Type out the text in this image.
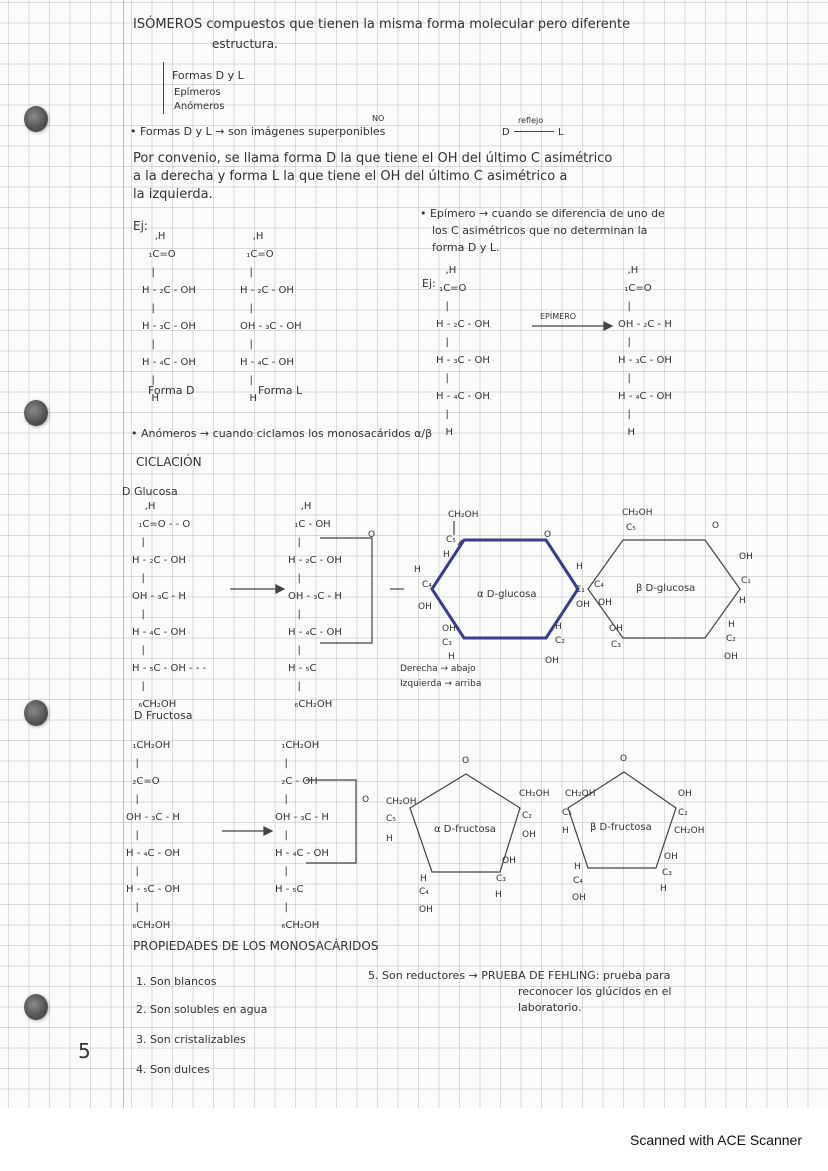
ISÓMEROS compuestos que tienen la misma forma molecular pero diferente
estructura.
Formas D y L
Epímeros
Anómeros
• Formas D y L → son imágenes superponibles
NO
D
reflejo
L
Por convenio, se llama forma D la que tiene el OH del último C asimétrico
a la derecha y forma L la que tiene el OH del último C asimétrico a
la izquierda.
Ej:
,H
₁C=O
|
H - ₂C - OH
|
H - ₃C - OH
|
H - ₄C - OH
|
H
,H
₁C=O
|
H - ₂C - OH
|
OH - ₃C - OH
|
H - ₄C - OH
|
H
Forma D	Forma L
• Epímero → cuando se diferencia de uno de
los C asimétricos que no determinan la
forma D y L.
Ej:
,H
₁C=O
|
H - ₂C - OH
|
H - ₃C - OH
|
H - ₄C - OH
|
H
EPÍMERO
,H
₁C=O
|
OH - ₂C - H
|
H - ₃C - OH
|
H - ₄C - OH
|
H
• Anómeros → cuando ciclamos los monosacáridos α/β
CICLACIÓN
D Glucosa
,H
₁C=O - - O
|
H - ₂C - OH
|
OH - ₃C - H
|
H - ₄C - OH
|
H - ₅C - OH - - -
|
₆CH₂OH
,H
₁C - OH
|
H - ₂C - OH
|
OH - ₃C - H
|
H - ₄C - OH
|
H - ₅C
|
₆CH₂OH
O
CH₂OH
C₅
H
O
C₄
H
OH
α D-glucosa	C₁
H
OH
OH
C₃
H
H
C₂
OH
Derecha → abajo
Izquierda → arriba
CH₂OH
C₅	O
C₄
OH
β D-glucosa
OH
C₁
H
OH
C₃
H
C₂
OH
D Fructosa
₁CH₂OH
|
₂C=O
|
OH - ₃C - H
|
H - ₄C - OH
|
H - ₅C - OH
|
₆CH₂OH
₁CH₂OH
|
₂C - OH
|
OH - ₃C - H
|
H - ₄C - OH
|
H - ₅C
|
₆CH₂OH
O
O
CH₂OH
C₅
H
α D-fructosa
CH₂OH
C₂
OH
OH
C₃
H
H
C₄
OH
O
CH₂OH
C₅
H β D-fructosa
OH
C₂
CH₂OH
OH
C₃
H
H
C₄
OH
PROPIEDADES DE LOS MONOSACÁRIDOS
1. Son blancos
2. Son solubles en agua
3. Son cristalizables
4. Son dulces
5. Son reductores → PRUEBA DE FEHLING: prueba para
reconocer los glúcidos en el
laboratorio.
5
Scanned with ACE Scanner
